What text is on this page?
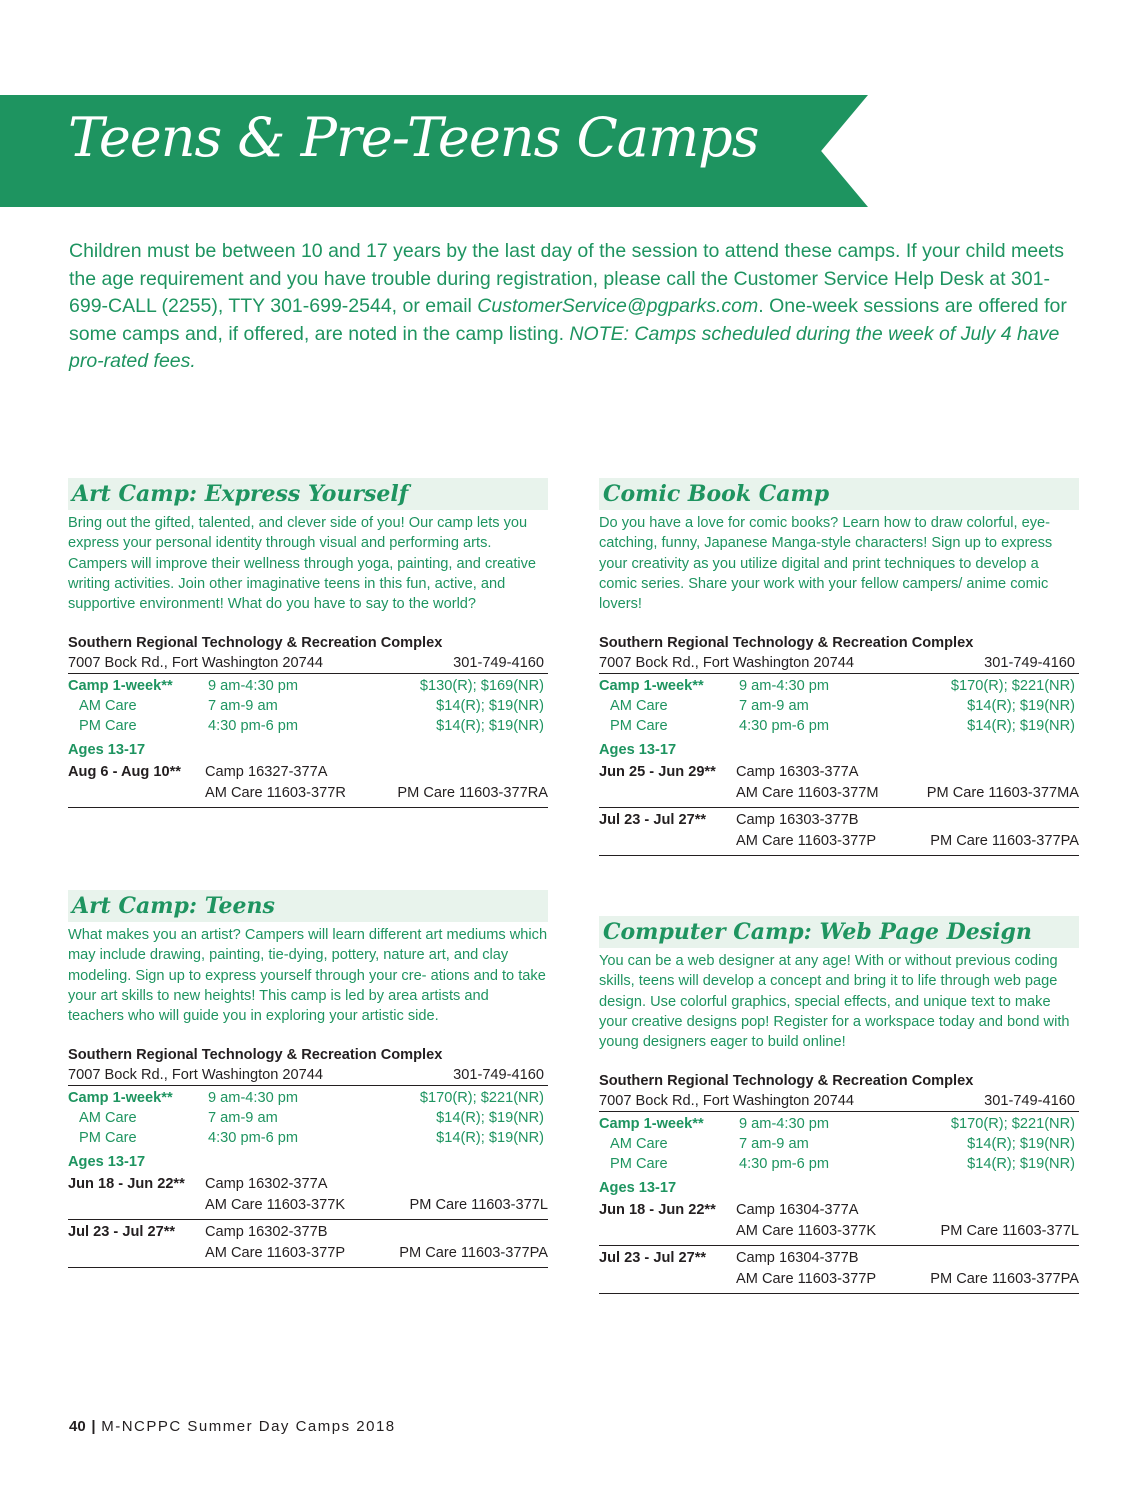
Teens & Pre-Teens Camps

Children must be between 10 and 17 years by the last day of the session to attend these camps. If your child meets the age requirement and you have trouble during registration, please call the Customer Service Help Desk at 301-699-CALL (2255), TTY 301-699-2544, or email CustomerService@pgparks.com. One-week sessions are offered for some camps and, if offered, are noted in the camp listing. NOTE: Camps scheduled during the week of July 4 have pro-rated fees.

Art Camp: Express Yourself

Bring out the gifted, talented, and clever side of you! Our camp lets you express your personal identity through visual and performing arts. Campers will improve their wellness through yoga, painting, and creative writing activities. Join other imaginative teens in this fun, active, and supportive environment! What do you have to say to the world?

Southern Regional Technology & Recreation Complex
7007 Bock Rd., Fort Washington 20744	301-749-4160
Camp 1-week**	9 am-4:30 pm	$130(R); $169(NR)
AM Care	7 am-9 am	$14(R); $19(NR)
PM Care	4:30 pm-6 pm	$14(R); $19(NR)
Ages 13-17
Aug 6 - Aug 10**	Camp 16327-377A
AM Care 11603-377R	PM Care 11603-377RA
Comic Book Camp

Do you have a love for comic books? Learn how to draw colorful, eye-catching, funny, Japanese Manga-style characters! Sign up to express your creativity as you utilize digital and print techniques to develop a comic series. Share your work with your fellow campers/ anime comic lovers!

Southern Regional Technology & Recreation Complex
7007 Bock Rd., Fort Washington 20744	301-749-4160
Camp 1-week**	9 am-4:30 pm	$170(R); $221(NR)
AM Care	7 am-9 am	$14(R); $19(NR)
PM Care	4:30 pm-6 pm	$14(R); $19(NR)
Ages 13-17
Jun 25 - Jun 29**	Camp 16303-377A
AM Care 11603-377M	PM Care 11603-377MA
Jul 23 - Jul 27**	Camp 16303-377B
AM Care 11603-377P	PM Care 11603-377PA
Art Camp: Teens

What makes you an artist? Campers will learn different art mediums which may include drawing, painting, tie-dying, pottery, nature art, and clay modeling. Sign up to express yourself through your cre- ations and to take your art skills to new heights! This camp is led by area artists and teachers who will guide you in exploring your artistic side.

Southern Regional Technology & Recreation Complex
7007 Bock Rd., Fort Washington 20744	301-749-4160
Camp 1-week**	9 am-4:30 pm	$170(R); $221(NR)
AM Care	7 am-9 am	$14(R); $19(NR)
PM Care	4:30 pm-6 pm	$14(R); $19(NR)
Ages 13-17
Jun 18 - Jun 22**	Camp 16302-377A
AM Care 11603-377K	PM Care 11603-377L
Jul 23 - Jul 27**	Camp 16302-377B
AM Care 11603-377P	PM Care 11603-377PA
Computer Camp: Web Page Design

You can be a web designer at any age! With or without previous coding skills, teens will develop a concept and bring it to life through web page design. Use colorful graphics, special effects, and unique text to make your creative designs pop! Register for a workspace today and bond with young designers eager to build online!

Southern Regional Technology & Recreation Complex
7007 Bock Rd., Fort Washington 20744	301-749-4160
Camp 1-week**	9 am-4:30 pm	$170(R); $221(NR)
AM Care	7 am-9 am	$14(R); $19(NR)
PM Care	4:30 pm-6 pm	$14(R); $19(NR)
Ages 13-17
Jun 18 - Jun 22**	Camp 16304-377A
AM Care 11603-377K	PM Care 11603-377L
Jul 23 - Jul 27**	Camp 16304-377B
AM Care 11603-377P	PM Care 11603-377PA

40 | M-NCPPC Summer Day Camps 2018
